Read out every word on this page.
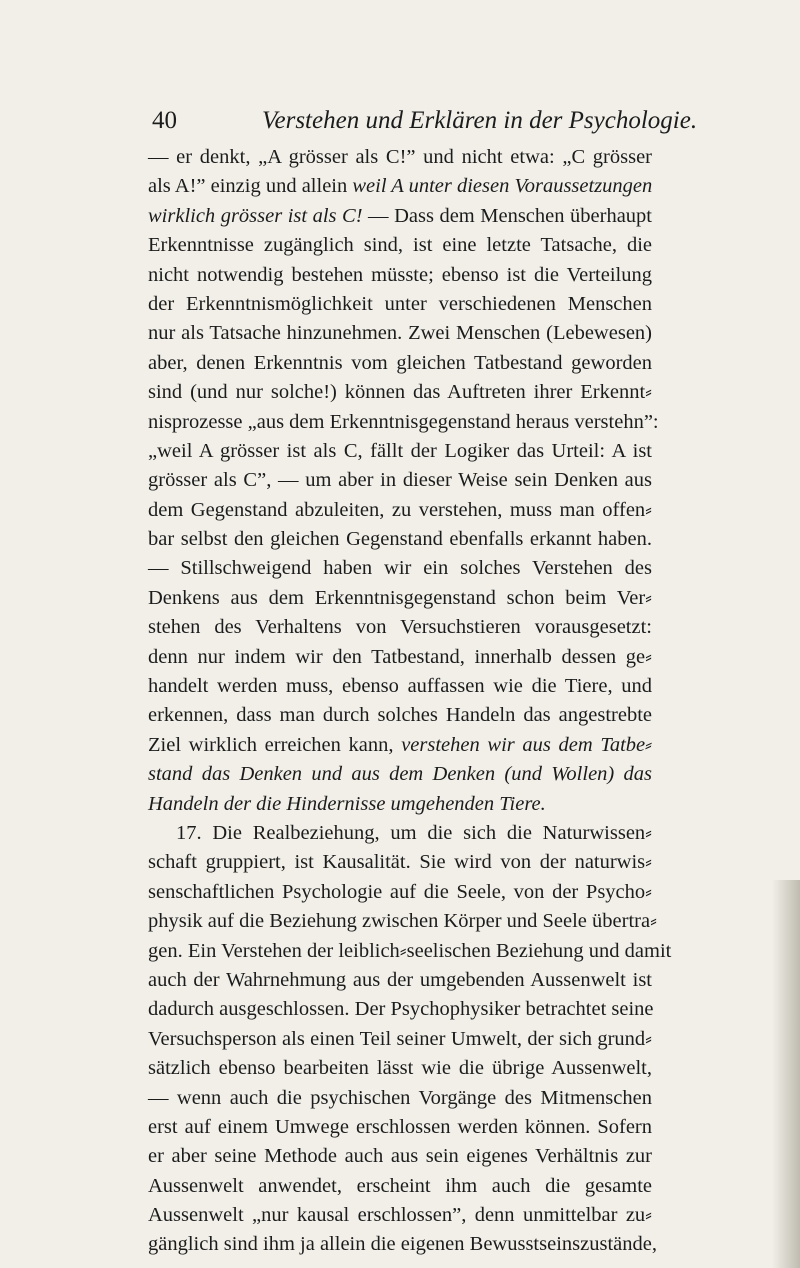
40	Verstehen und Erklären in der Psychologie.
— er denkt, „A grösser als C!” und nicht etwa: „C grösser
als A!” einzig und allein weil A unter diesen Voraussetzungen
wirklich grösser ist als C! — Dass dem Menschen überhaupt
Erkenntnisse zugänglich sind, ist eine letzte Tatsache, die
nicht notwendig bestehen müsste; ebenso ist die Verteilung
der Erkenntnismöglichkeit unter verschiedenen Menschen
nur als Tatsache hinzunehmen. Zwei Menschen (Lebewesen)
aber, denen Erkenntnis vom gleichen Tatbestand geworden
sind (und nur solche!) können das Auftreten ihrer Erkennt⸗
nisprozesse „aus dem Erkenntnisgegenstand heraus verstehn”:
„weil A grösser ist als C, fällt der Logiker das Urteil: A ist
grösser als C”, — um aber in dieser Weise sein Denken aus
dem Gegenstand abzuleiten, zu verstehen, muss man offen⸗
bar selbst den gleichen Gegenstand ebenfalls erkannt haben.
— Stillschweigend haben wir ein solches Verstehen des
Denkens aus dem Erkenntnisgegenstand schon beim Ver⸗
stehen des Verhaltens von Versuchstieren vorausgesetzt:
denn nur indem wir den Tatbestand, innerhalb dessen ge⸗
handelt werden muss, ebenso auffassen wie die Tiere, und
erkennen, dass man durch solches Handeln das angestrebte
Ziel wirklich erreichen kann, verstehen wir aus dem Tatbe⸗
stand das Denken und aus dem Denken (und Wollen) das
Handeln der die Hindernisse umgehenden Tiere.
17. Die Realbeziehung, um die sich die Naturwissen⸗
schaft gruppiert, ist Kausalität. Sie wird von der naturwis⸗
senschaftlichen Psychologie auf die Seele, von der Psycho⸗
physik auf die Beziehung zwischen Körper und Seele übertra⸗
gen. Ein Verstehen der leiblich⸗seelischen Beziehung und damit
auch der Wahrnehmung aus der umgebenden Aussenwelt ist
dadurch ausgeschlossen. Der Psychophysiker betrachtet seine
Versuchsperson als einen Teil seiner Umwelt, der sich grund⸗
sätzlich ebenso bearbeiten lässt wie die übrige Aussenwelt,
— wenn auch die psychischen Vorgänge des Mitmenschen
erst auf einem Umwege erschlossen werden können. Sofern
er aber seine Methode auch aus sein eigenes Verhältnis zur
Aussenwelt anwendet, erscheint ihm auch die gesamte
Aussenwelt „nur kausal erschlossen”, denn unmittelbar zu⸗
gänglich sind ihm ja allein die eigenen Bewusstseinszustände,
